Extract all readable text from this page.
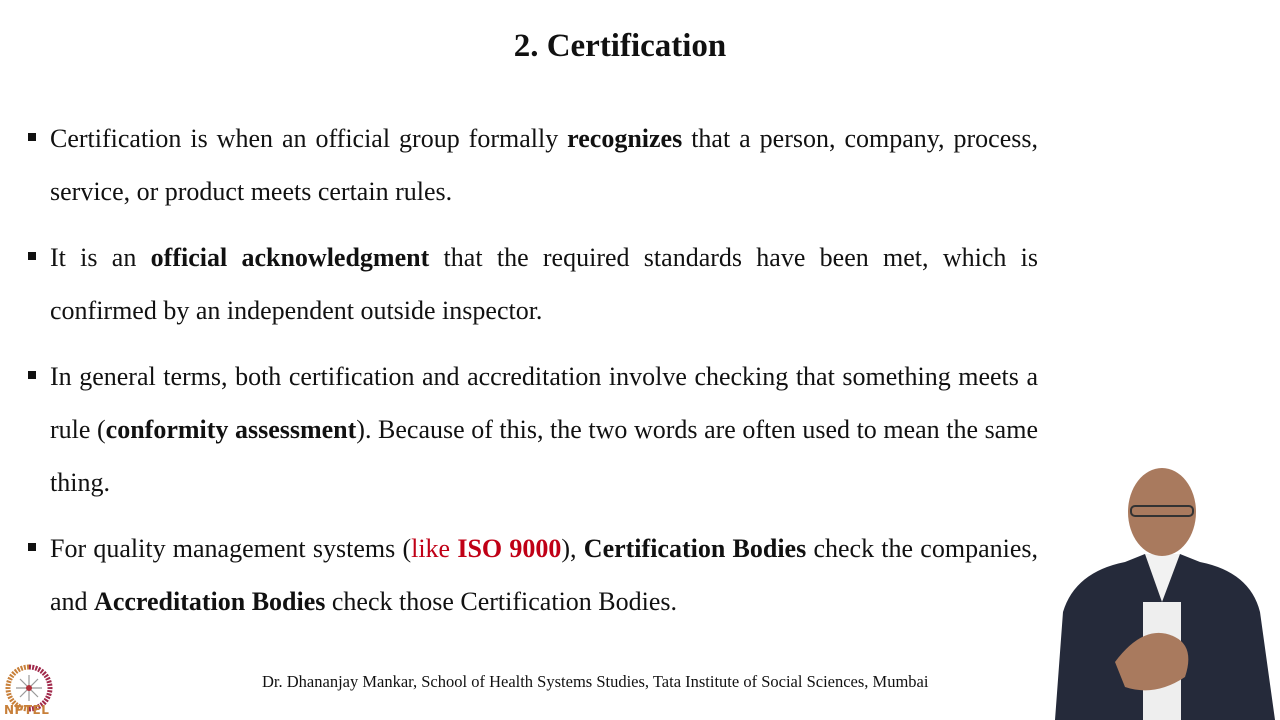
2. Certification
Certification is when an official group formally recognizes that a person, company, process, service, or product meets certain rules.
It is an official acknowledgment that the required standards have been met, which is confirmed by an independent outside inspector.
In general terms, both certification and accreditation involve checking that something meets a rule (conformity assessment). Because of this, the two words are often used to mean the same thing.
For quality management systems (like ISO 9000), Certification Bodies check the companies, and Accreditation Bodies check those Certification Bodies.
NPTEL
Dr. Dhananjay Mankar, School of Health Systems Studies, Tata Institute of Social Sciences, Mumbai
